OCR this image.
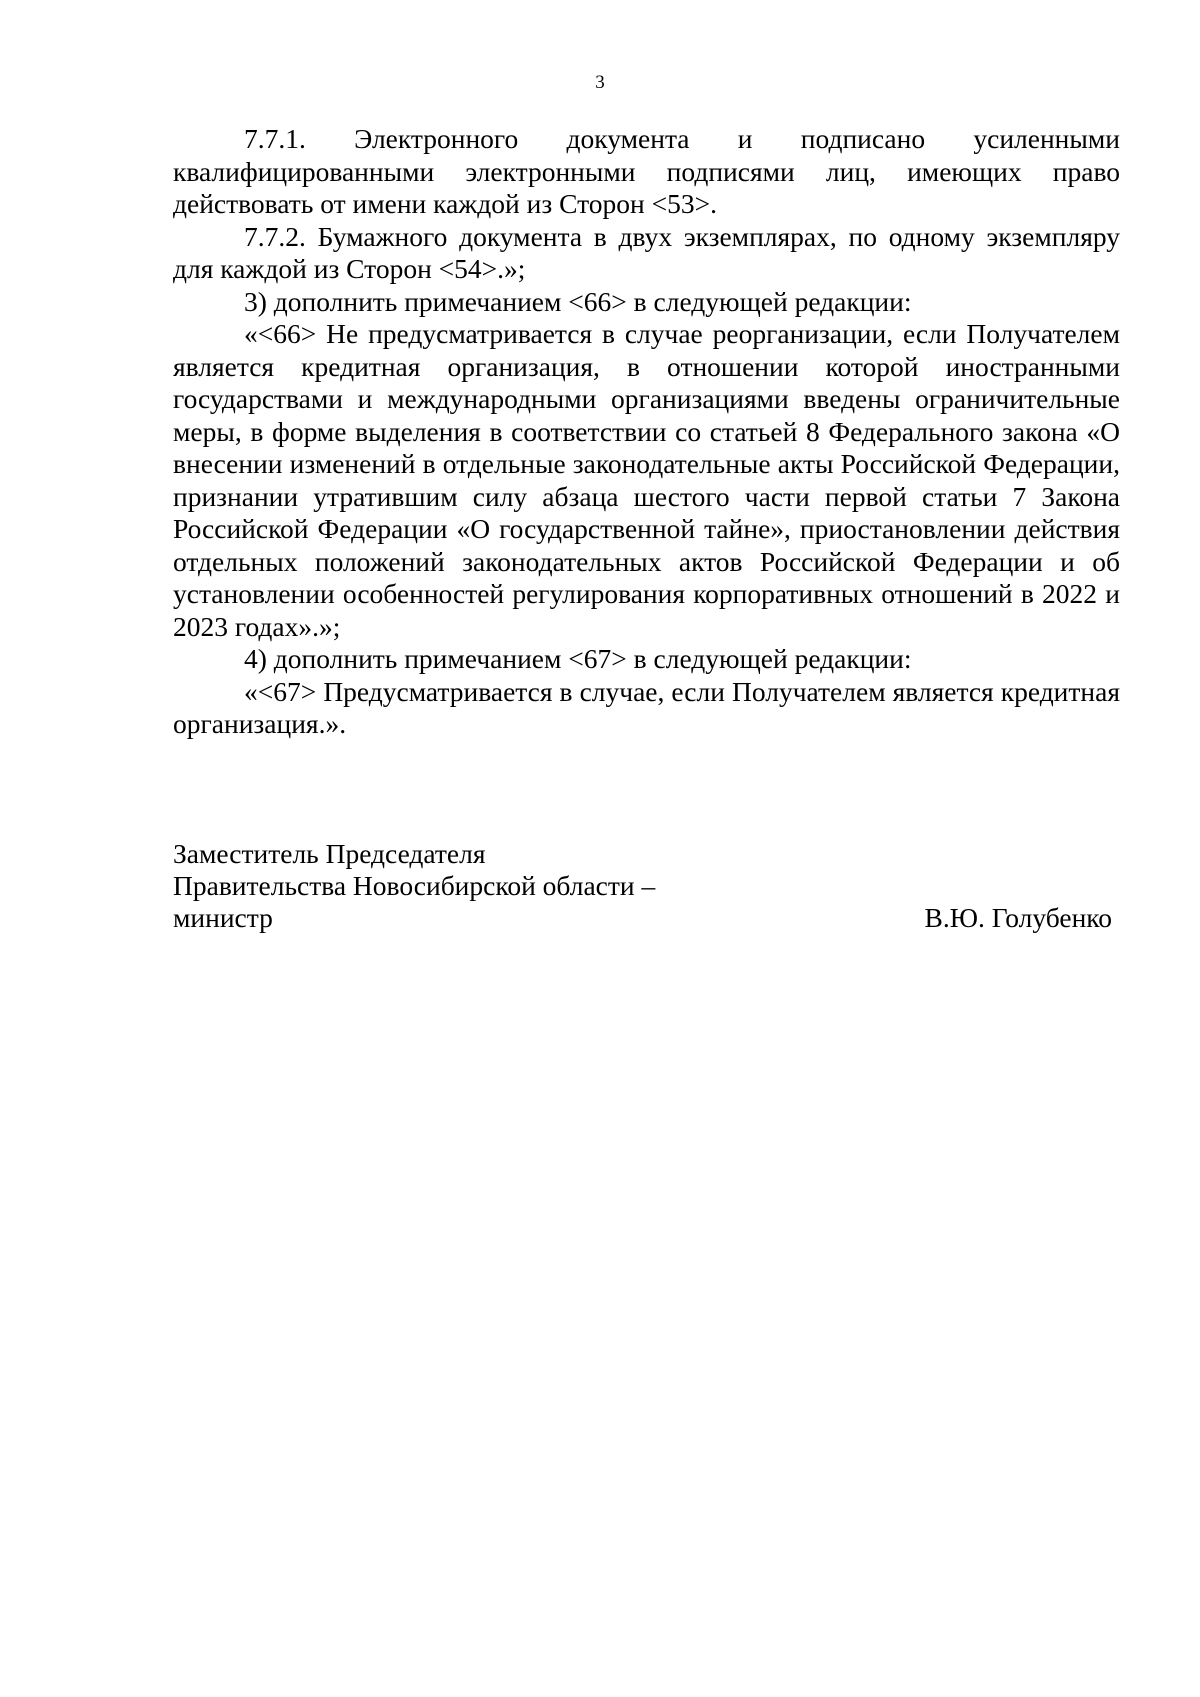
3

7.7.1. Электронного документа и подписано усиленными квалифицированными электронными подписями лиц, имеющих право действовать от имени каждой из Сторон <53>.

7.7.2. Бумажного документа в двух экземплярах, по одному экземпляру для каждой из Сторон <54>.»;

3) дополнить примечанием <66> в следующей редакции:

«<66> Не предусматривается в случае реорганизации, если Получателем является кредитная организация, в отношении которой иностранными государствами и международными организациями введены ограничительные меры, в форме выделения в соответствии со статьей 8 Федерального закона «О внесении изменений в отдельные законодательные акты Российской Федерации, признании утратившим силу абзаца шестого части первой статьи 7 Закона Российской Федерации «О государственной тайне», приостановлении действия отдельных положений законодательных актов Российской Федерации и об установлении особенностей регулирования корпоративных отношений в 2022 и 2023 годах».»;

4) дополнить примечанием <67> в следующей редакции:

«<67> Предусматривается в случае, если Получателем является кредитная организация.».

Заместитель Председателя
Правительства Новосибирской области –
министр	В.Ю. Голубенко
